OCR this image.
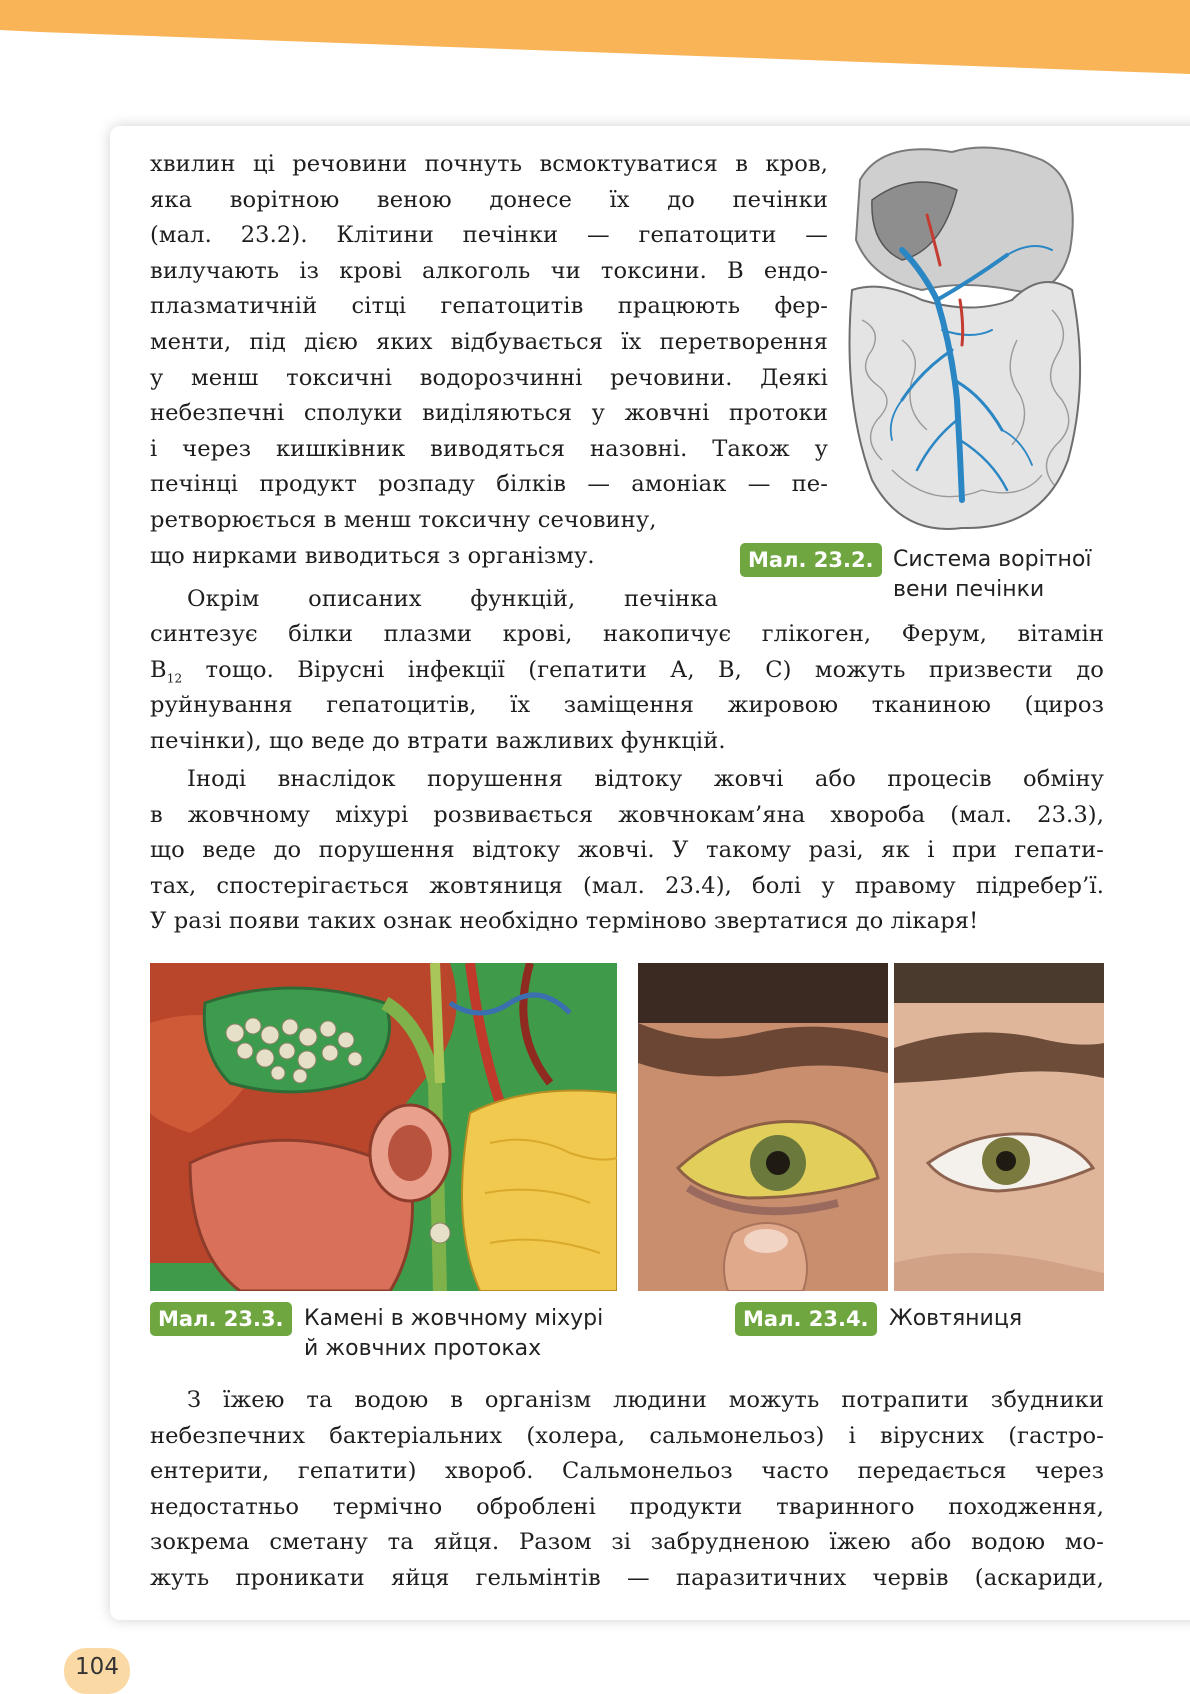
хвилин ці речовини почнуть всмоктуватися в кров,

яка ворітною веною донесе їх до печінки

(мал. 23.2). Клітини печінки — гепатоцити —

вилучають із крові алкоголь чи токсини. В ендо-

плазматичній сітці гепатоцитів працюють фер-

менти, під дією яких відбувається їх перетворення

у менш токсичні водорозчинні речовини. Деякі

небезпечні сполуки виділяються у жовчні протоки

і через кишківник виводяться назовні. Також у

печінці продукт розпаду білків — амоніак — пе-

ретворюється в менш токсичну сечовину,

що нирками виводиться з організму.

Окрім описаних функцій, печінка

синтезує білки плазми крові, накопичує глікоген, Ферум, вітамін

$B_{12}$ тощо. Вірусні інфекції (гепатити А, В, С) можуть призвести до

руйнування гепатоцитів, їх заміщення жировою тканиною (цироз

печінки), що веде до втрати важливих функцій.

Іноді внаслідок порушення відтоку жовчі або процесів обміну

в жовчному міхурі розвивається жовчнокам’яна хвороба (мал. 23.3),

що веде до порушення відтоку жовчі. У такому разі, як і при гепати-

тах, спостерігається жовтяниця (мал. 23.4), болі у правому підребер’ї.

У разі появи таких ознак необхідно терміново звертатися до лікаря!

Мал. 23.2. Система ворітної
вени печінки
Мал. 23.3. Камені в жовчному міхурі
й жовчних протоках
Мал. 23.4. Жовтяниця

З їжею та водою в організм людини можуть потрапити збудники

небезпечних бактеріальних (холера, сальмонельоз) і вірусних (гастро-

ентерити, гепатити) хвороб. Сальмонельоз часто передається через

недостатньо термічно оброблені продукти тваринного походження,

зокрема сметану та яйця. Разом зі забрудненою їжею або водою мо-

жуть проникати яйця гельмінтів — паразитичних червів (аскариди,

104
